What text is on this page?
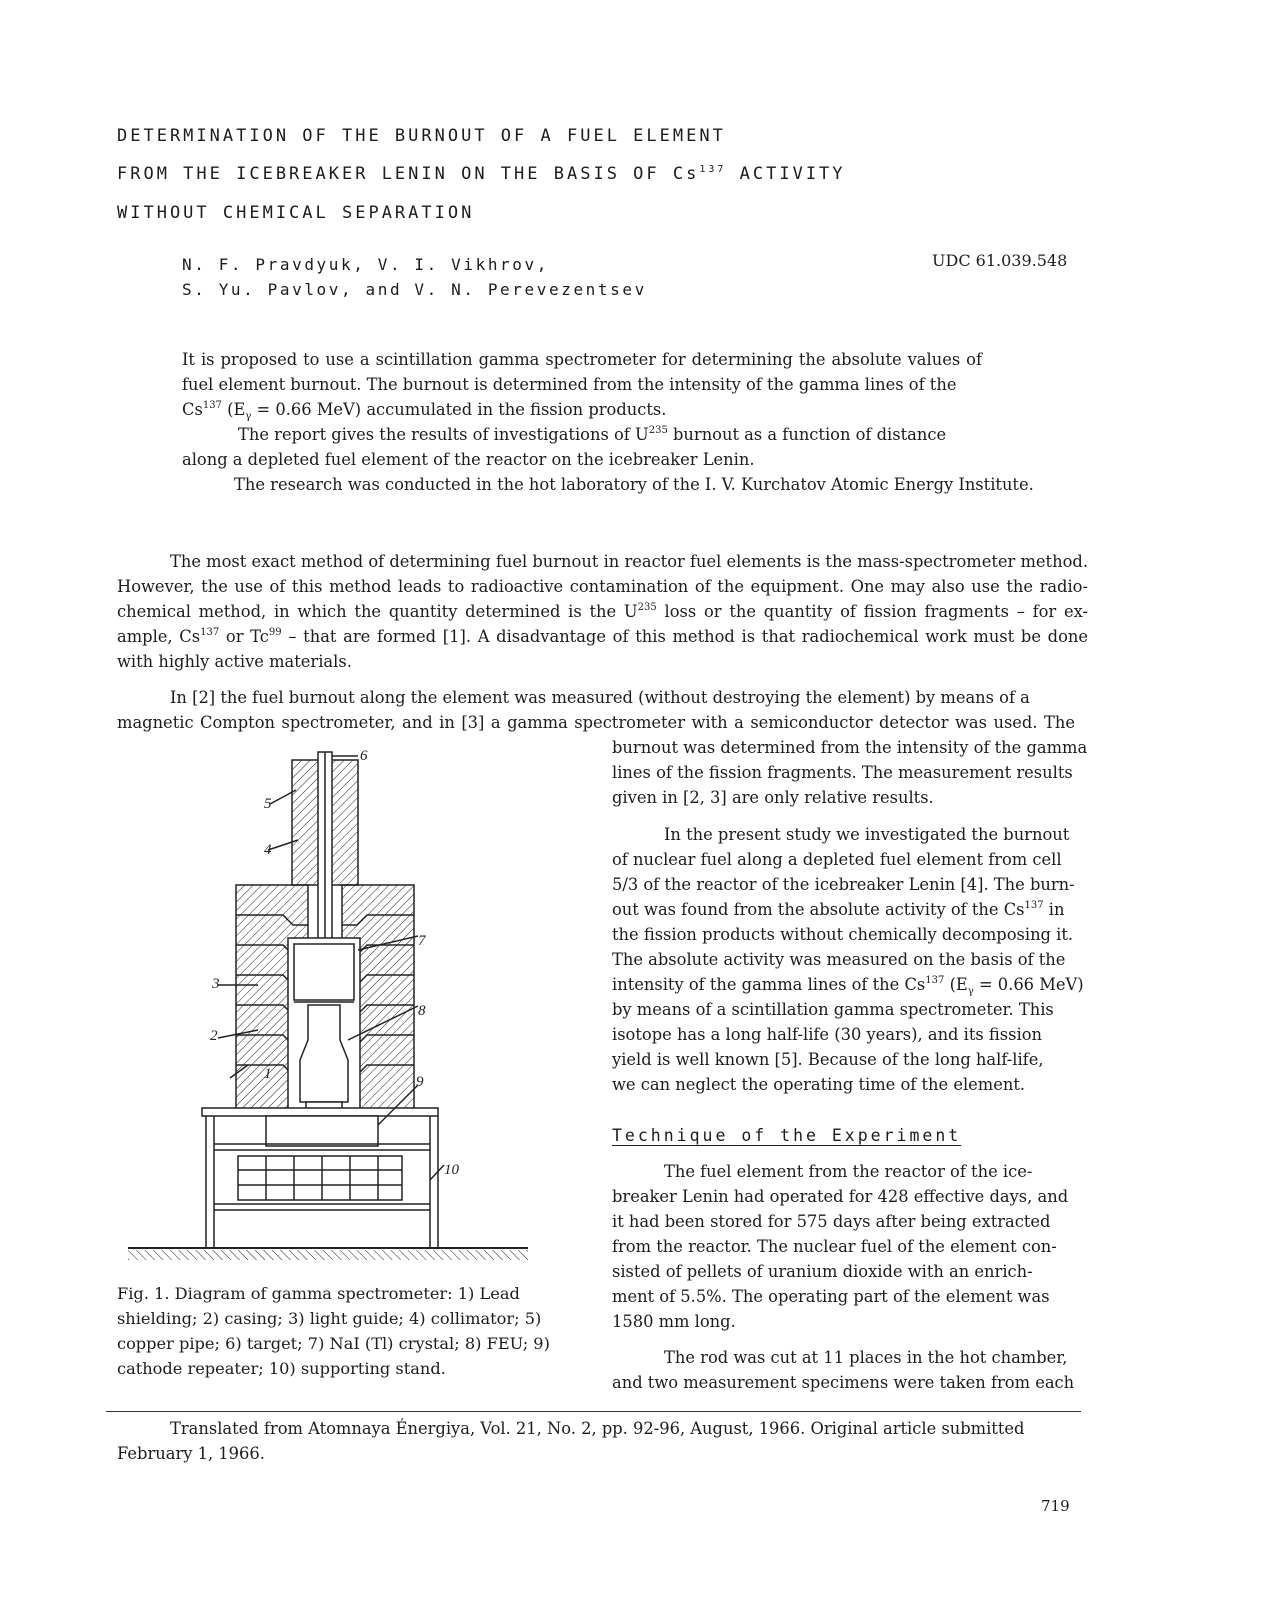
DETERMINATION OF THE BURNOUT OF A FUEL ELEMENT
FROM THE ICEBREAKER LENIN ON THE BASIS OF Cs$^{137}$ ACTIVITY
WITHOUT CHEMICAL SEPARATION
N. F. Pravdyuk, V. I. Vikhrov,
S. Yu. Pavlov, and V. N. Perevezentsev
UDC 61.039.548
It is proposed to use a scintillation gamma spectrometer for determining the absolute values of
fuel element burnout. The burnout is determined from the intensity of the gamma lines of the
Cs$^{137}$ ($E_\gamma = 0.66$ MeV) accumulated in the fission products.
The report gives the results of investigations of $U^{235}$ burnout as a function of distance
along a depleted fuel element of the reactor on the icebreaker Lenin.
The research was conducted in the hot laboratory of the I. V. Kurchatov Atomic Energy Institute.
The most exact method of determining fuel burnout in reactor fuel elements is the mass-spectrometer method.
However, the use of this method leads to radioactive contamination of the equipment. One may also use the radio-
chemical method, in which the quantity determined is the $U^{235}$ loss or the quantity of fission fragments – for ex-
ample, Cs$^{137}$ or Tc$^{99}$ – that are formed [1]. A disadvantage of this method is that radiochemical work must be done
with highly active materials.
In [2] the fuel burnout along the element was measured (without destroying the element) by means of a
magnetic Compton spectrometer, and in [3] a gamma spectrometer with a semiconductor detector was used. The
burnout was determined from the intensity of the gamma
lines of the fission fragments. The measurement results
given in [2, 3] are only relative results.
In the present study we investigated the burnout
of nuclear fuel along a depleted fuel element from cell
5/3 of the reactor of the icebreaker Lenin [4]. The burn-
out was found from the absolute activity of the Cs$^{137}$ in
the fission products without chemically decomposing it.
The absolute activity was measured on the basis of the
intensity of the gamma lines of the Cs$^{137}$ ($E_\gamma = 0.66$ MeV)
by means of a scintillation gamma spectrometer. This
isotope has a long half-life (30 years), and its fission
yield is well known [5]. Because of the long half-life,
we can neglect the operating time of the element.
Technique of the Experiment
The fuel element from the reactor of the ice-
breaker Lenin had operated for 428 effective days, and
it had been stored for 575 days after being extracted
from the reactor. The nuclear fuel of the element con-
sisted of pellets of uranium dioxide with an enrich-
ment of 5.5%. The operating part of the element was
1580 mm long.
The rod was cut at 11 places in the hot chamber,
and two measurement specimens were taken from each
1
2
3
4
5
6
7
8
9
10
Fig. 1. Diagram of gamma spectrometer: 1) Lead
shielding; 2) casing; 3) light guide; 4) collimator; 5)
copper pipe; 6) target; 7) NaI (Tl) crystal; 8) FEU; 9)
cathode repeater; 10) supporting stand.
Translated from Atomnaya Énergiya, Vol. 21, No. 2, pp. 92-96, August, 1966. Original article submitted
February 1, 1966.
719
